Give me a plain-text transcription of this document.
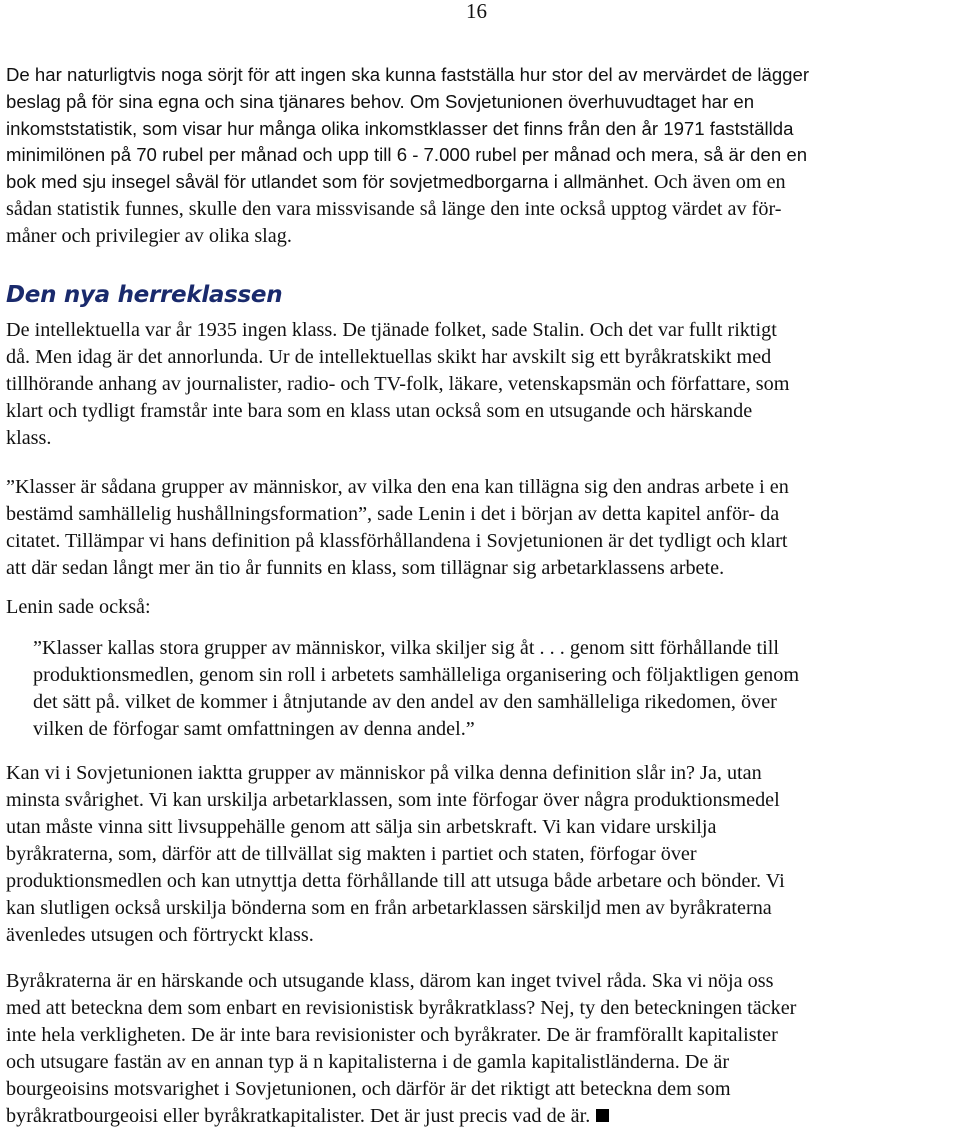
16
De har naturligtvis noga sörjt för att ingen ska kunna fastställa hur stor del av mervärdet de lägger
beslag på för sina egna och sina tjänares behov. Om Sovjetunionen överhuvudtaget har en
inkomststatistik, som visar hur många olika inkomstklasser det finns från den år 1971 fastställda
minimilönen på 70 rubel per månad och upp till 6 - 7.000 rubel per månad och mera, så är den en
bok med sju insegel såväl för utlandet som för sovjetmedborgarna i allmänhet. Och även om en
sådan statistik funnes, skulle den vara missvisande så länge den inte också upptog värdet av för-
måner och privilegier av olika slag.
Den nya herreklassen
De intellektuella var år 1935 ingen klass. De tjänade folket, sade Stalin. Och det var fullt riktigt
då. Men idag är det annorlunda. Ur de intellektuellas skikt har avskilt sig ett byråkratskikt med
tillhörande anhang av journalister, radio- och TV-folk, läkare, vetenskapsmän och författare, som
klart och tydligt framstår inte bara som en klass utan också som en utsugande och härskande
klass.
”Klasser är sådana grupper av människor, av vilka den ena kan tillägna sig den andras arbete i en
bestämd samhällelig hushållningsformation”, sade Lenin i det i början av detta kapitel anför- da
citatet. Tillämpar vi hans definition på klassförhållandena i Sovjetunionen är det tydligt och klart
att där sedan långt mer än tio år funnits en klass, som tillägnar sig arbetarklassens arbete.
Lenin sade också:
”Klasser kallas stora grupper av människor, vilka skiljer sig åt . . . genom sitt förhållande till
produktionsmedlen, genom sin roll i arbetets samhälleliga organisering och följaktligen genom
det sätt på. vilket de kommer i åtnjutande av den andel av den samhälleliga rikedomen, över
vilken de förfogar samt omfattningen av denna andel.”
Kan vi i Sovjetunionen iaktta grupper av människor på vilka denna definition slår in? Ja, utan
minsta svårighet. Vi kan urskilja arbetarklassen, som inte förfogar över några produktionsmedel
utan måste vinna sitt livsuppehälle genom att sälja sin arbetskraft. Vi kan vidare urskilja
byråkraterna, som, därför att de tillvällat sig makten i partiet och staten, förfogar över
produktionsmedlen och kan utnyttja detta förhållande till att utsuga både arbetare och bönder. Vi
kan slutligen också urskilja bönderna som en från arbetarklassen särskiljd men av byråkraterna
ävenledes utsugen och förtryckt klass.
Byråkraterna är en härskande och utsugande klass, därom kan inget tvivel råda. Ska vi nöja oss
med att beteckna dem som enbart en revisionistisk byråkratklass? Nej, ty den beteckningen täcker
inte hela verkligheten. De är inte bara revisionister och byråkrater. De är framförallt kapitalister
och utsugare fastän av en annan typ ä n kapitalisterna i de gamla kapitalistländerna. De är
bourgeoisins motsvarighet i Sovjetunionen, och därför är det riktigt att beteckna dem som
byråkratbourgeoisi eller byråkratkapitalister. Det är just precis vad de är.
